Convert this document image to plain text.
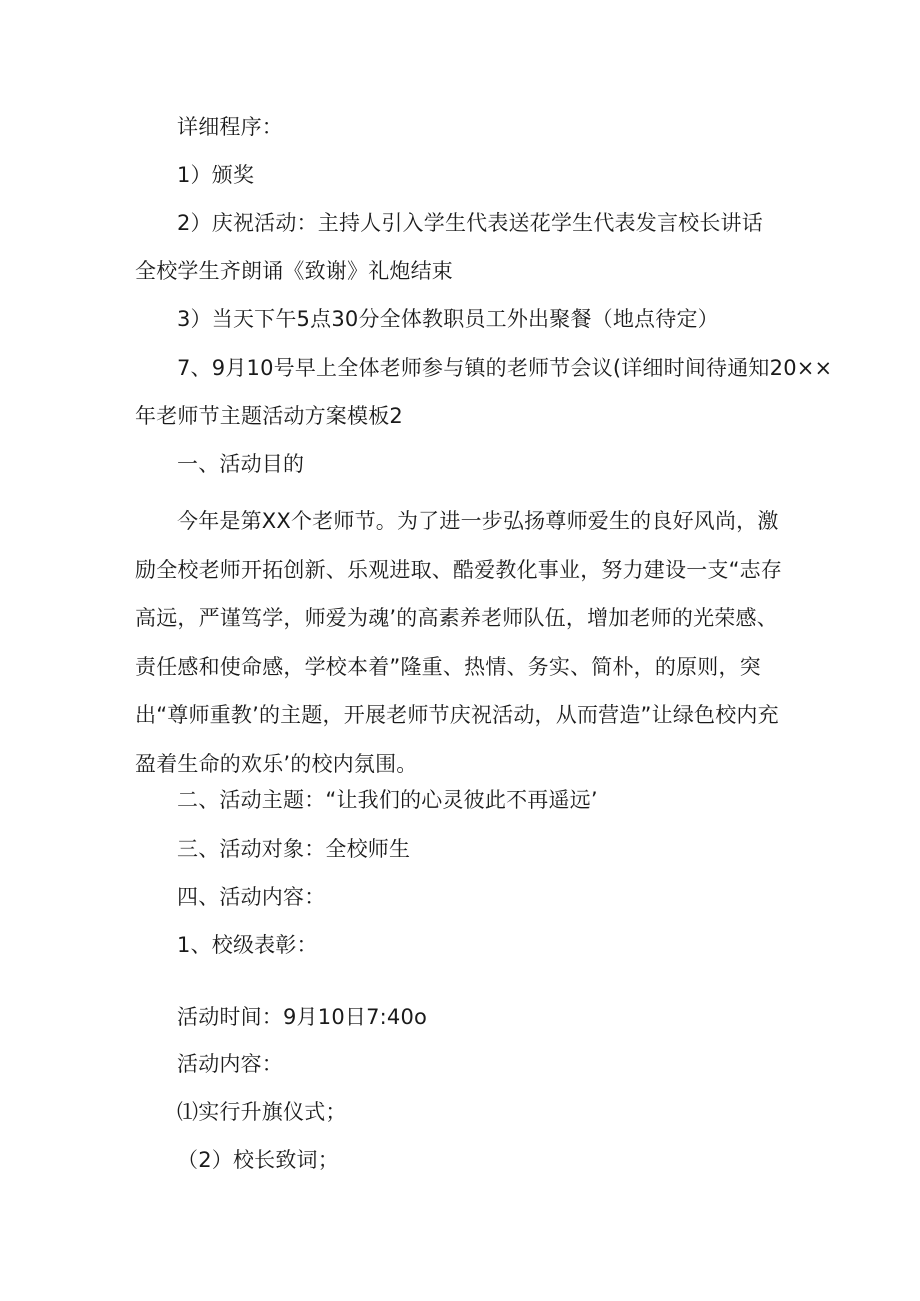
详细程序：
1）颁奖
2）庆祝活动：主持人引入学生代表送花学生代表发言校长讲话
全校学生齐朗诵《致谢》礼炮结束
3）当天下午5点30分全体教职员工外出聚餐（地点待定）
7、9月10号早上全体老师参与镇的老师节会议(详细时间待通知20××
年老师节主题活动方案模板2
一、活动目的
今年是第XX个老师节。为了进一步弘扬尊师爱生的良好风尚，激励全校老师开拓创新、乐观进取、酷爱教化事业，努力建设一支“志存高远，严谨笃学，师爱为魂’的高素养老师队伍，增加老师的光荣感、责任感和使命感，学校本着”隆重、热情、务实、简朴，的原则，突出“尊师重教’的主题，开展老师节庆祝活动，从而营造”让绿色校内充盈着生命的欢乐’的校内氛围。
二、活动主题：“让我们的心灵彼此不再遥远’
三、活动对象：全校师生
四、活动内容：
1、校级表彰：
活动时间：9月10日7:40o
活动内容：
⑴实行升旗仪式；
（2）校长致词；
